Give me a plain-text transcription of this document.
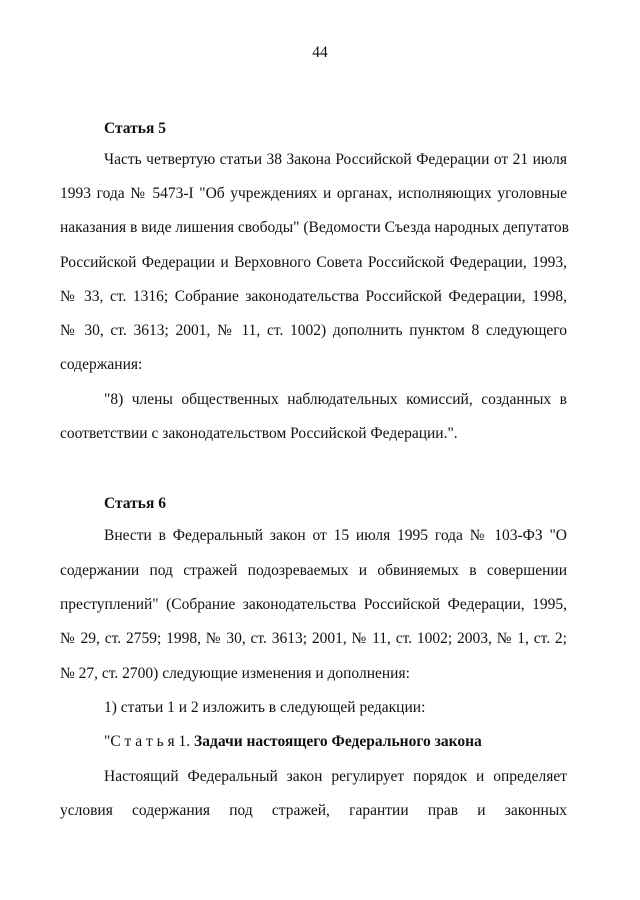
44
Статья 5
Часть четвертую статьи 38 Закона Российской Федерации от 21 июля
1993 года № 5473-I "Об учреждениях и органах, исполняющих уголовные
наказания в виде лишения свободы" (Ведомости Съезда народных депутатов
Российской Федерации и Верховного Совета Российской Федерации, 1993,
№ 33, ст. 1316; Собрание законодательства Российской Федерации, 1998,
№ 30, ст. 3613; 2001, № 11, ст. 1002) дополнить пунктом 8 следующего
содержания:
"8) члены общественных наблюдательных комиссий, созданных в
соответствии с законодательством Российской Федерации.".
Статья 6
Внести в Федеральный закон от 15 июля 1995 года № 103-ФЗ "О
содержании под стражей подозреваемых и обвиняемых в совершении
преступлений" (Собрание законодательства Российской Федерации, 1995,
№ 29, ст. 2759; 1998, № 30, ст. 3613; 2001, № 11, ст. 1002; 2003, № 1, ст. 2;
№ 27, ст. 2700) следующие изменения и дополнения:
1) статьи 1 и 2 изложить в следующей редакции:
"С т а т ь я 1. Задачи настоящего Федерального закона
Настоящий Федеральный закон регулирует порядок и определяет
условия содержания под стражей, гарантии прав и законных
